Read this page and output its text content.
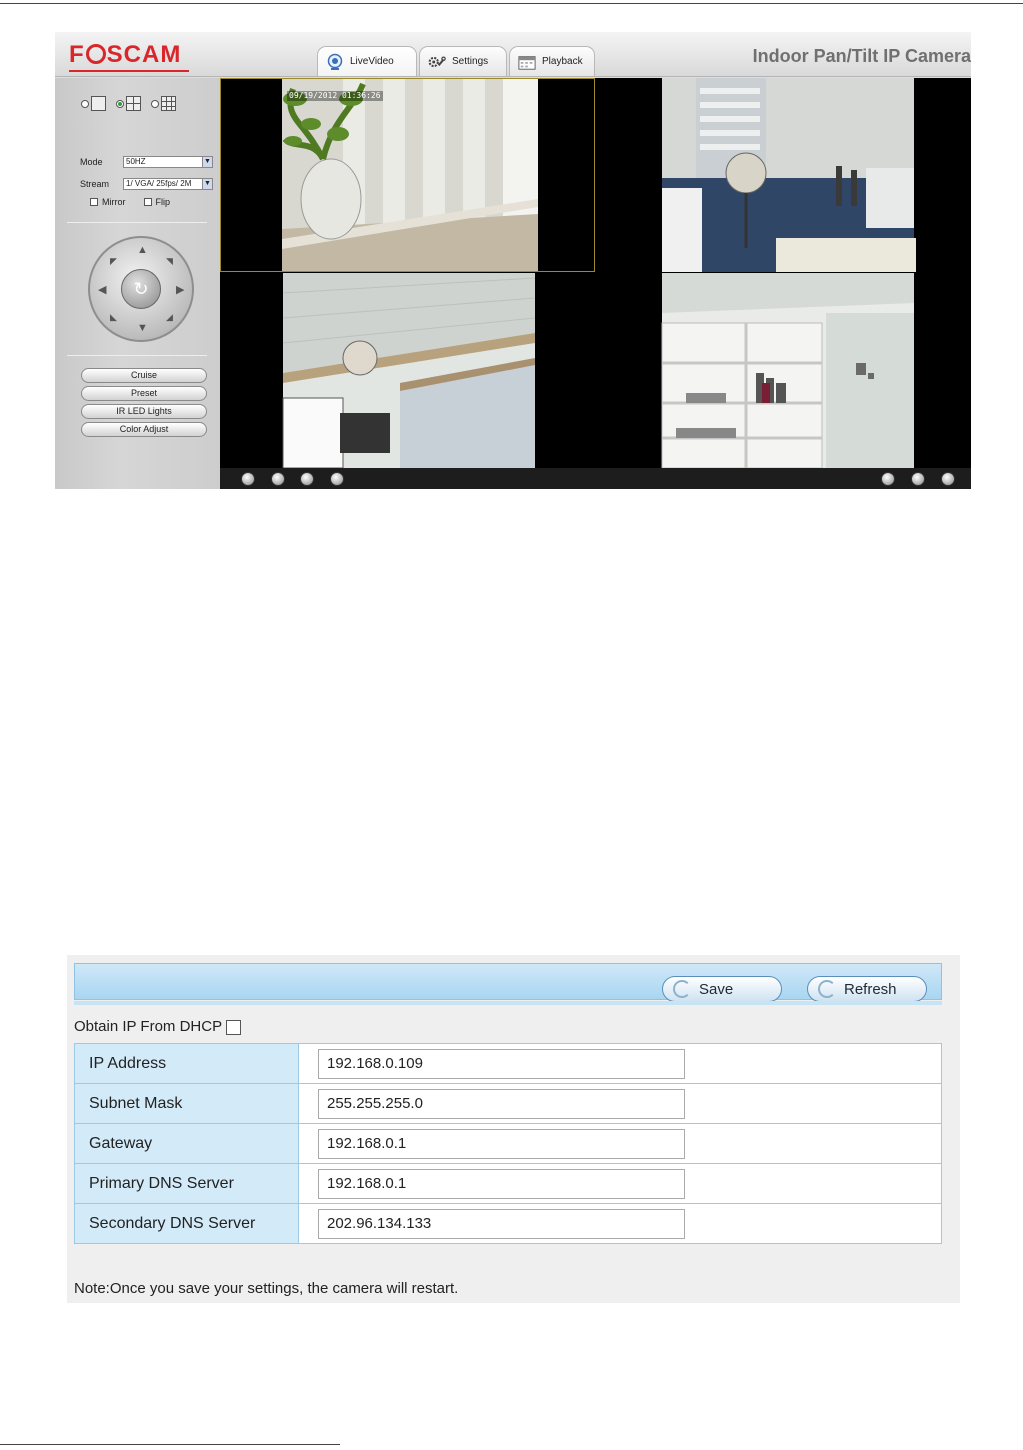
F SCAM	LiveVideo	Settings	Playback	Indoor Pan/Tilt IP Camera
Mode	50HZ	▼
Stream	1/ VGA/ 25fps/ 2M ▼
Mirror	Flip
▲
▼
◀	▶
◤	◥
◣	◢
↻
Cruise
Preset
IR LED Lights
Color Adjust
09/19/2012 01:36:26
Save	Refresh
Obtain IP From DHCP
IP Address	192.168.0.109
Subnet Mask	255.255.255.0
Gateway	192.168.0.1
Primary DNS Server	192.168.0.1
Secondary DNS Server	202.96.134.133
Note:Once you save your settings, the camera will restart.
